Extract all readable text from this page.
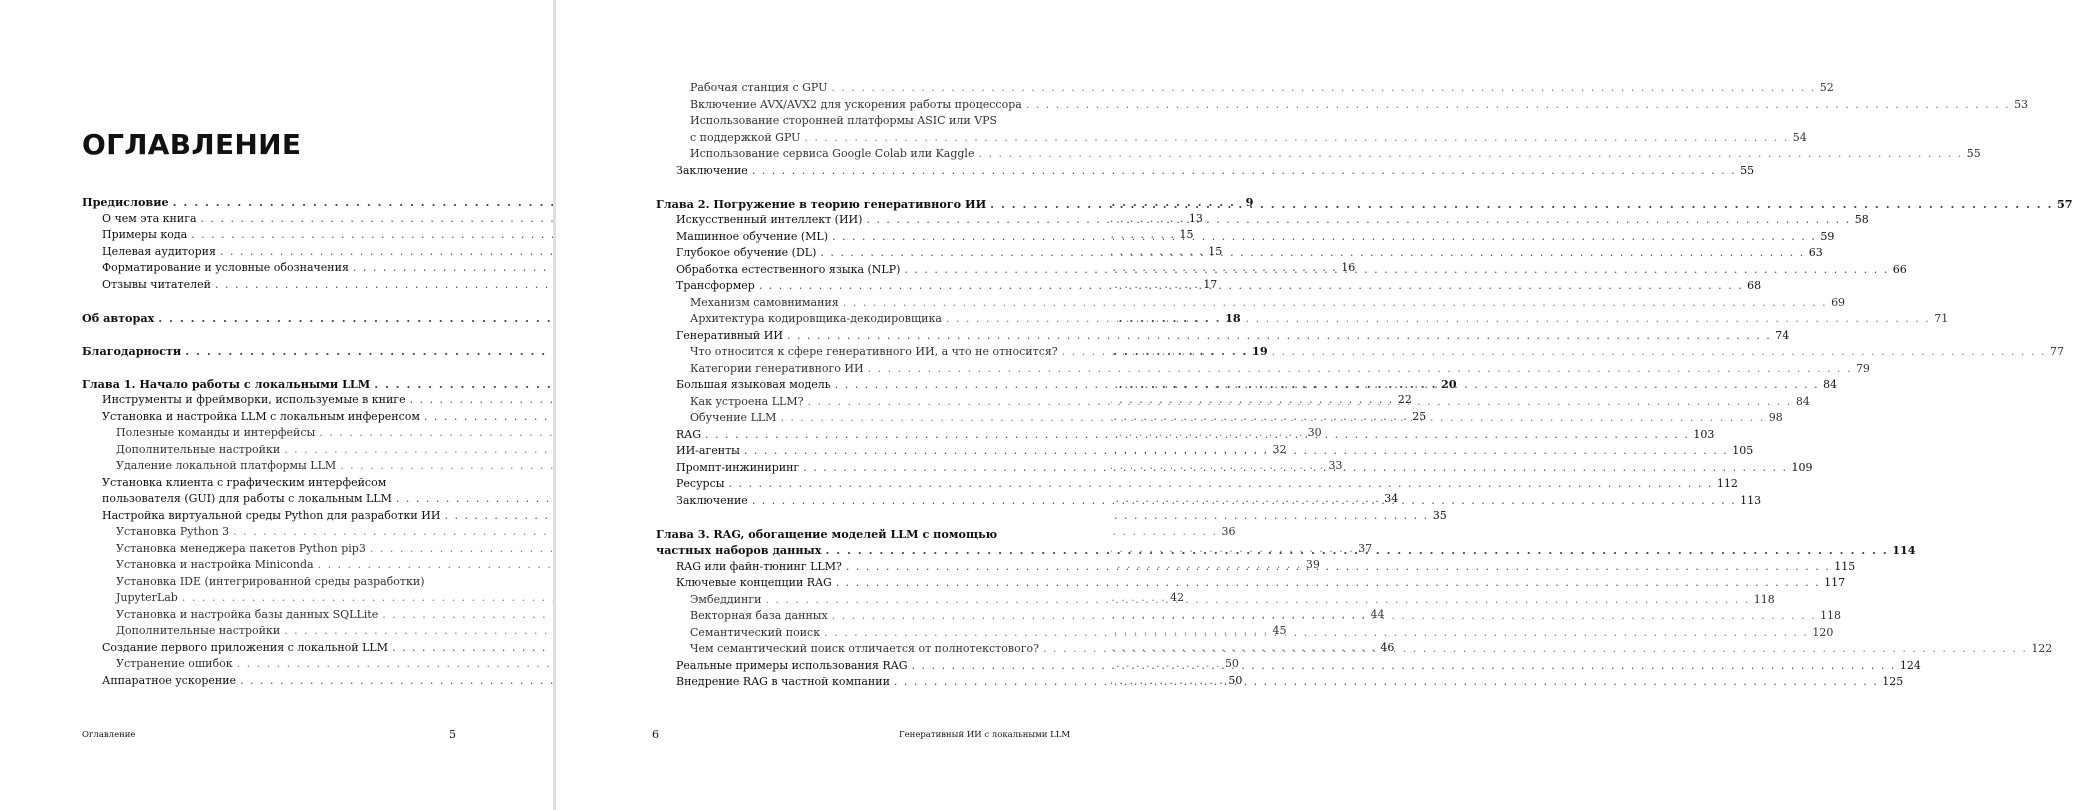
ОГЛАВЛЕНИЕ
Предисловие . . .	9
О чем эта книга . . .	13
Примеры кода . . .	15
Целевая аудитория . . .	15
Форматирование и условные обозначения . . .	16
Отзывы читателей . . .	17
Об авторах . . .	18
Благодарности . . .	19
Глава 1. Начало работы с локальными LLM . . .	20
Инструменты и фреймворки, используемые в книге . . .	22
Установка и настройка LLM с локальным инференсом . . .	25
Полезные команды и интерфейсы . . .	30
Дополнительные настройки . . .	32
Удаление локальной платформы LLM . . .	33
Установка клиента с графическим интерфейсом
пользователя (GUI) для работы с локальным LLM . . .	34
Настройка виртуальной среды Python для разработки ИИ . . .	35
Установка Python 3 . . .	36
Установка менеджера пакетов Python pip3 . . .	37
Установка и настройка Miniconda . . .	39
Установка IDE (интегрированной среды разработки)
JupyterLab . . .	42
Установка и настройка базы данных SQLLite . . .	44
Дополнительные настройки . . .	45
Создание первого приложения с локальной LLM . . .	46
Устранение ошибок . . .	50
Аппаратное ускорение . . .	50
Оглавление	5
Рабочая станция с GPU . . .	52
Включение AVX/AVX2 для ускорения работы процессора . . .	53
Использование сторонней платформы ASIC или VPS
с поддержкой GPU . . .	54
Использование сервиса Google Colab или Kaggle . . .	55
Заключение . . .	55
Глава 2. Погружение в теорию генеративного ИИ . . .	57
Искусственный интеллект (ИИ) . . .	58
Машинное обучение (ML) . . .	59
Глубокое обучение (DL) . . .	63
Обработка естественного языка (NLP) . . .	66
Трансформер . . .	68
Механизм самовнимания . . .	69
Архитектура кодировщика-декодировщика . . .	71
Генеративный ИИ . . .	74
Что относится к сфере генеративного ИИ, а что не относится? . . .	77
Категории генеративного ИИ . . .	79
Большая языковая модель . . .	84
Как устроена LLM? . . .	84
Обучение LLM . . .	98
RAG . . .	103
ИИ-агенты . . .	105
Промпт-инжиниринг . . .	109
Ресурсы . . .	112
Заключение . . .	113
Глава 3. RAG, обогащение моделей LLM с помощью
частных наборов данных . . .	114
RAG или файн-тюнинг LLM? . . .	115
Ключевые концепции RAG . . .	117
Эмбеддинги . . .	118
Векторная база данных . . .	118
Семантический поиск . . .	120
Чем семантический поиск отличается от полнотекстового? . . .	122
Реальные примеры использования RAG . . .	124
Внедрение RAG в частной компании . . .	125
6	Генеративный ИИ с локальными LLM
